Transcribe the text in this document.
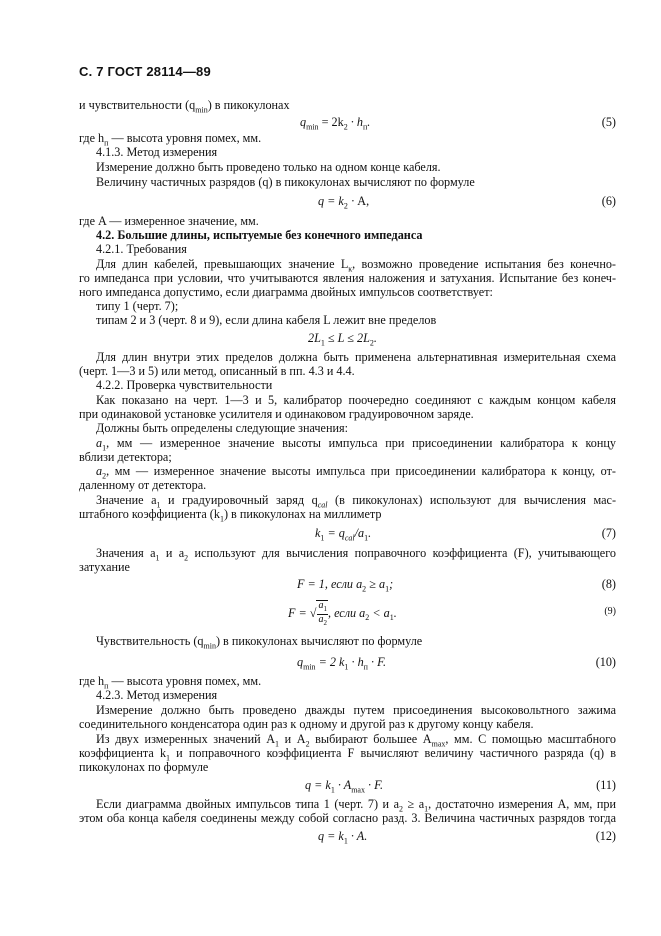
С. 7 ГОСТ 28114—89
и чувствительности $(q_{min})$ в пикокулонах
$q_{min} = 2k_2 \cdot h_п$.	(5)
где $h_п$ — высота уровня помех, мм.
4.1.3. Метод измерения
Измерение должно быть проведено только на одном конце кабеля.
Величину частичных разрядов (q) в пикокулонах вычисляют по формуле
$q = k_2 \cdot A$,	(6)
где A — измеренное значение, мм.
4.2. Большие длины, испытуемые без конечного импеданса
4.2.1. Требования
Для длин кабелей, превышающих значение $L_к$, возможно проведение испытания без конечно-
го импеданса при условии, что учитываются явления наложения и затухания. Испытание без конеч-
ного импеданса допустимо, если диаграмма двойных импульсов соответствует:
типу 1 (черт. 7);
типам 2 и 3 (черт. 8 и 9), если длина кабеля L лежит вне пределов
$2L_1 \le L \le 2L_2$.
Для длин внутри этих пределов должна быть применена альтернативная измерительная схема
(черт. 1—3 и 5) или метод, описанный в пп. 4.3 и 4.4.
4.2.2. Проверка чувствительности
Как показано на черт. 1—3 и 5, калибратор поочередно соединяют с каждым концом кабеля
при одинаковой установке усилителя и одинаковом градуировочном заряде.
Должны быть определены следующие значения:
$a_1$, мм — измеренное значение высоты импульса при присоединении калибратора к концу
вблизи детектора;
$a_2$, мм — измеренное значение высоты импульса при присоединении калибратора к концу, от-
даленному от детектора.
Значение $a_1$ и градуировочный заряд $q_{cal}$ (в пикокулонах) используют для вычисления мас-
штабного коэффициента $(k_1)$ в пикокулонах на миллиметр
$k_1 = q_{cal}/a_1$.	(7)
Значения $a_1$ и $a_2$ используют для вычисления поправочного коэффициента (F), учитывающего
затухание
F = 1, если $a_2 \ge a_1$;	(8)
F = √ $\frac{a_1}{a_2}$ , если $a_2 < a_1$.	(9)
Чувствительность $(q_{min})$ в пикокулонах вычисляют по формуле
$q_{min} = 2$ $k_1 \cdot h_п \cdot F$.	(10)
где $h_п$ — высота уровня помех, мм.
4.2.3. Метод измерения
Измерение должно быть проведено дважды путем присоединения высоковольтного зажима
соединительного конденсатора один раз к одному и другой раз к другому концу кабеля.
Из двух измеренных значений $A_1$ и $A_2$ выбирают большее $A_{max}$, мм. С помощью масштабного
коэффициента $k_1$ и поправочного коэффициента F вычисляют величину частичного разряда (q) в
пикокулонах по формуле
$q = k_1 \cdot A_{max} \cdot F$.	(11)
Если диаграмма двойных импульсов типа 1 (черт. 7) и $a_2 \ge a_1$, достаточно измерения A, мм, при
этом оба конца кабеля соединены между собой согласно разд. 3. Величина частичных разрядов тогда
$q = k_1 \cdot A$.	(12)
